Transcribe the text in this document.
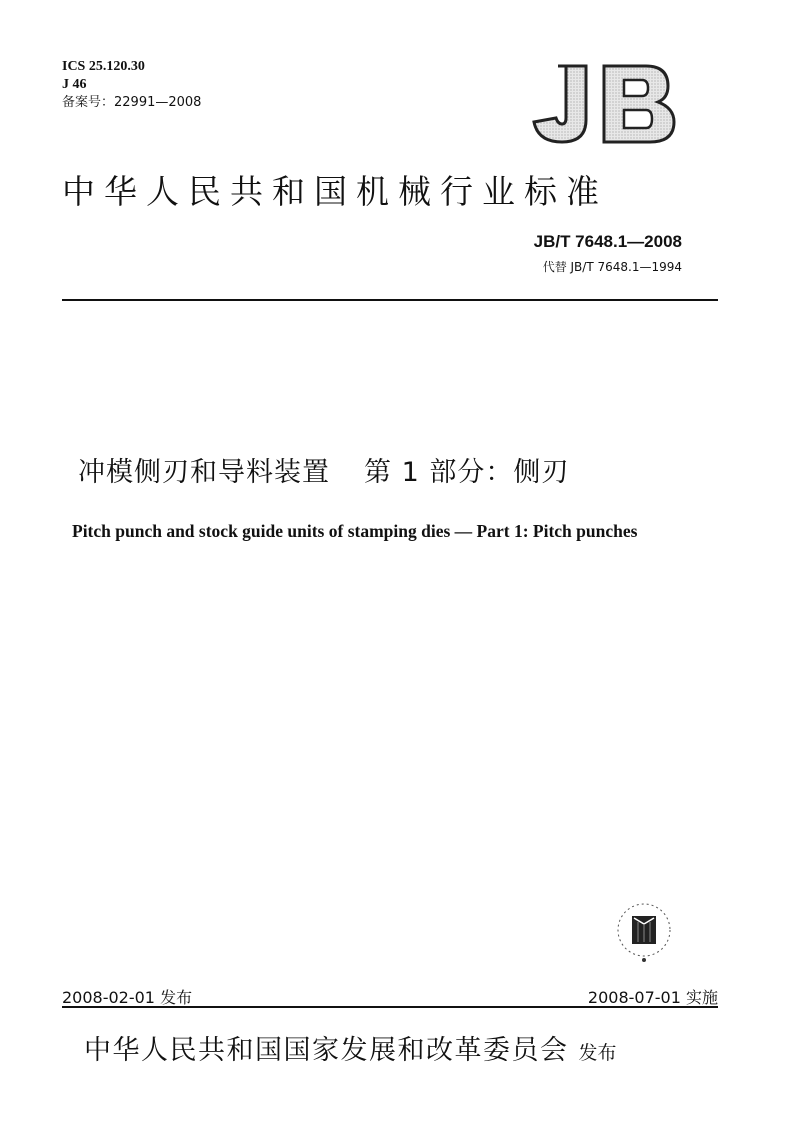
ICS 25.120.30
J 46
备案号：22991—2008
中华人民共和国机械行业标准
JB/T 7648.1—2008
代替 JB/T 7648.1—1994
冲模侧刃和导料装置 第 1 部分：侧刃
Pitch punch and stock guide units of stamping dies — Part 1: Pitch punches
2008-02-01 发布	2008-07-01 实施
中华人民共和国国家发展和改革委员会 发布
